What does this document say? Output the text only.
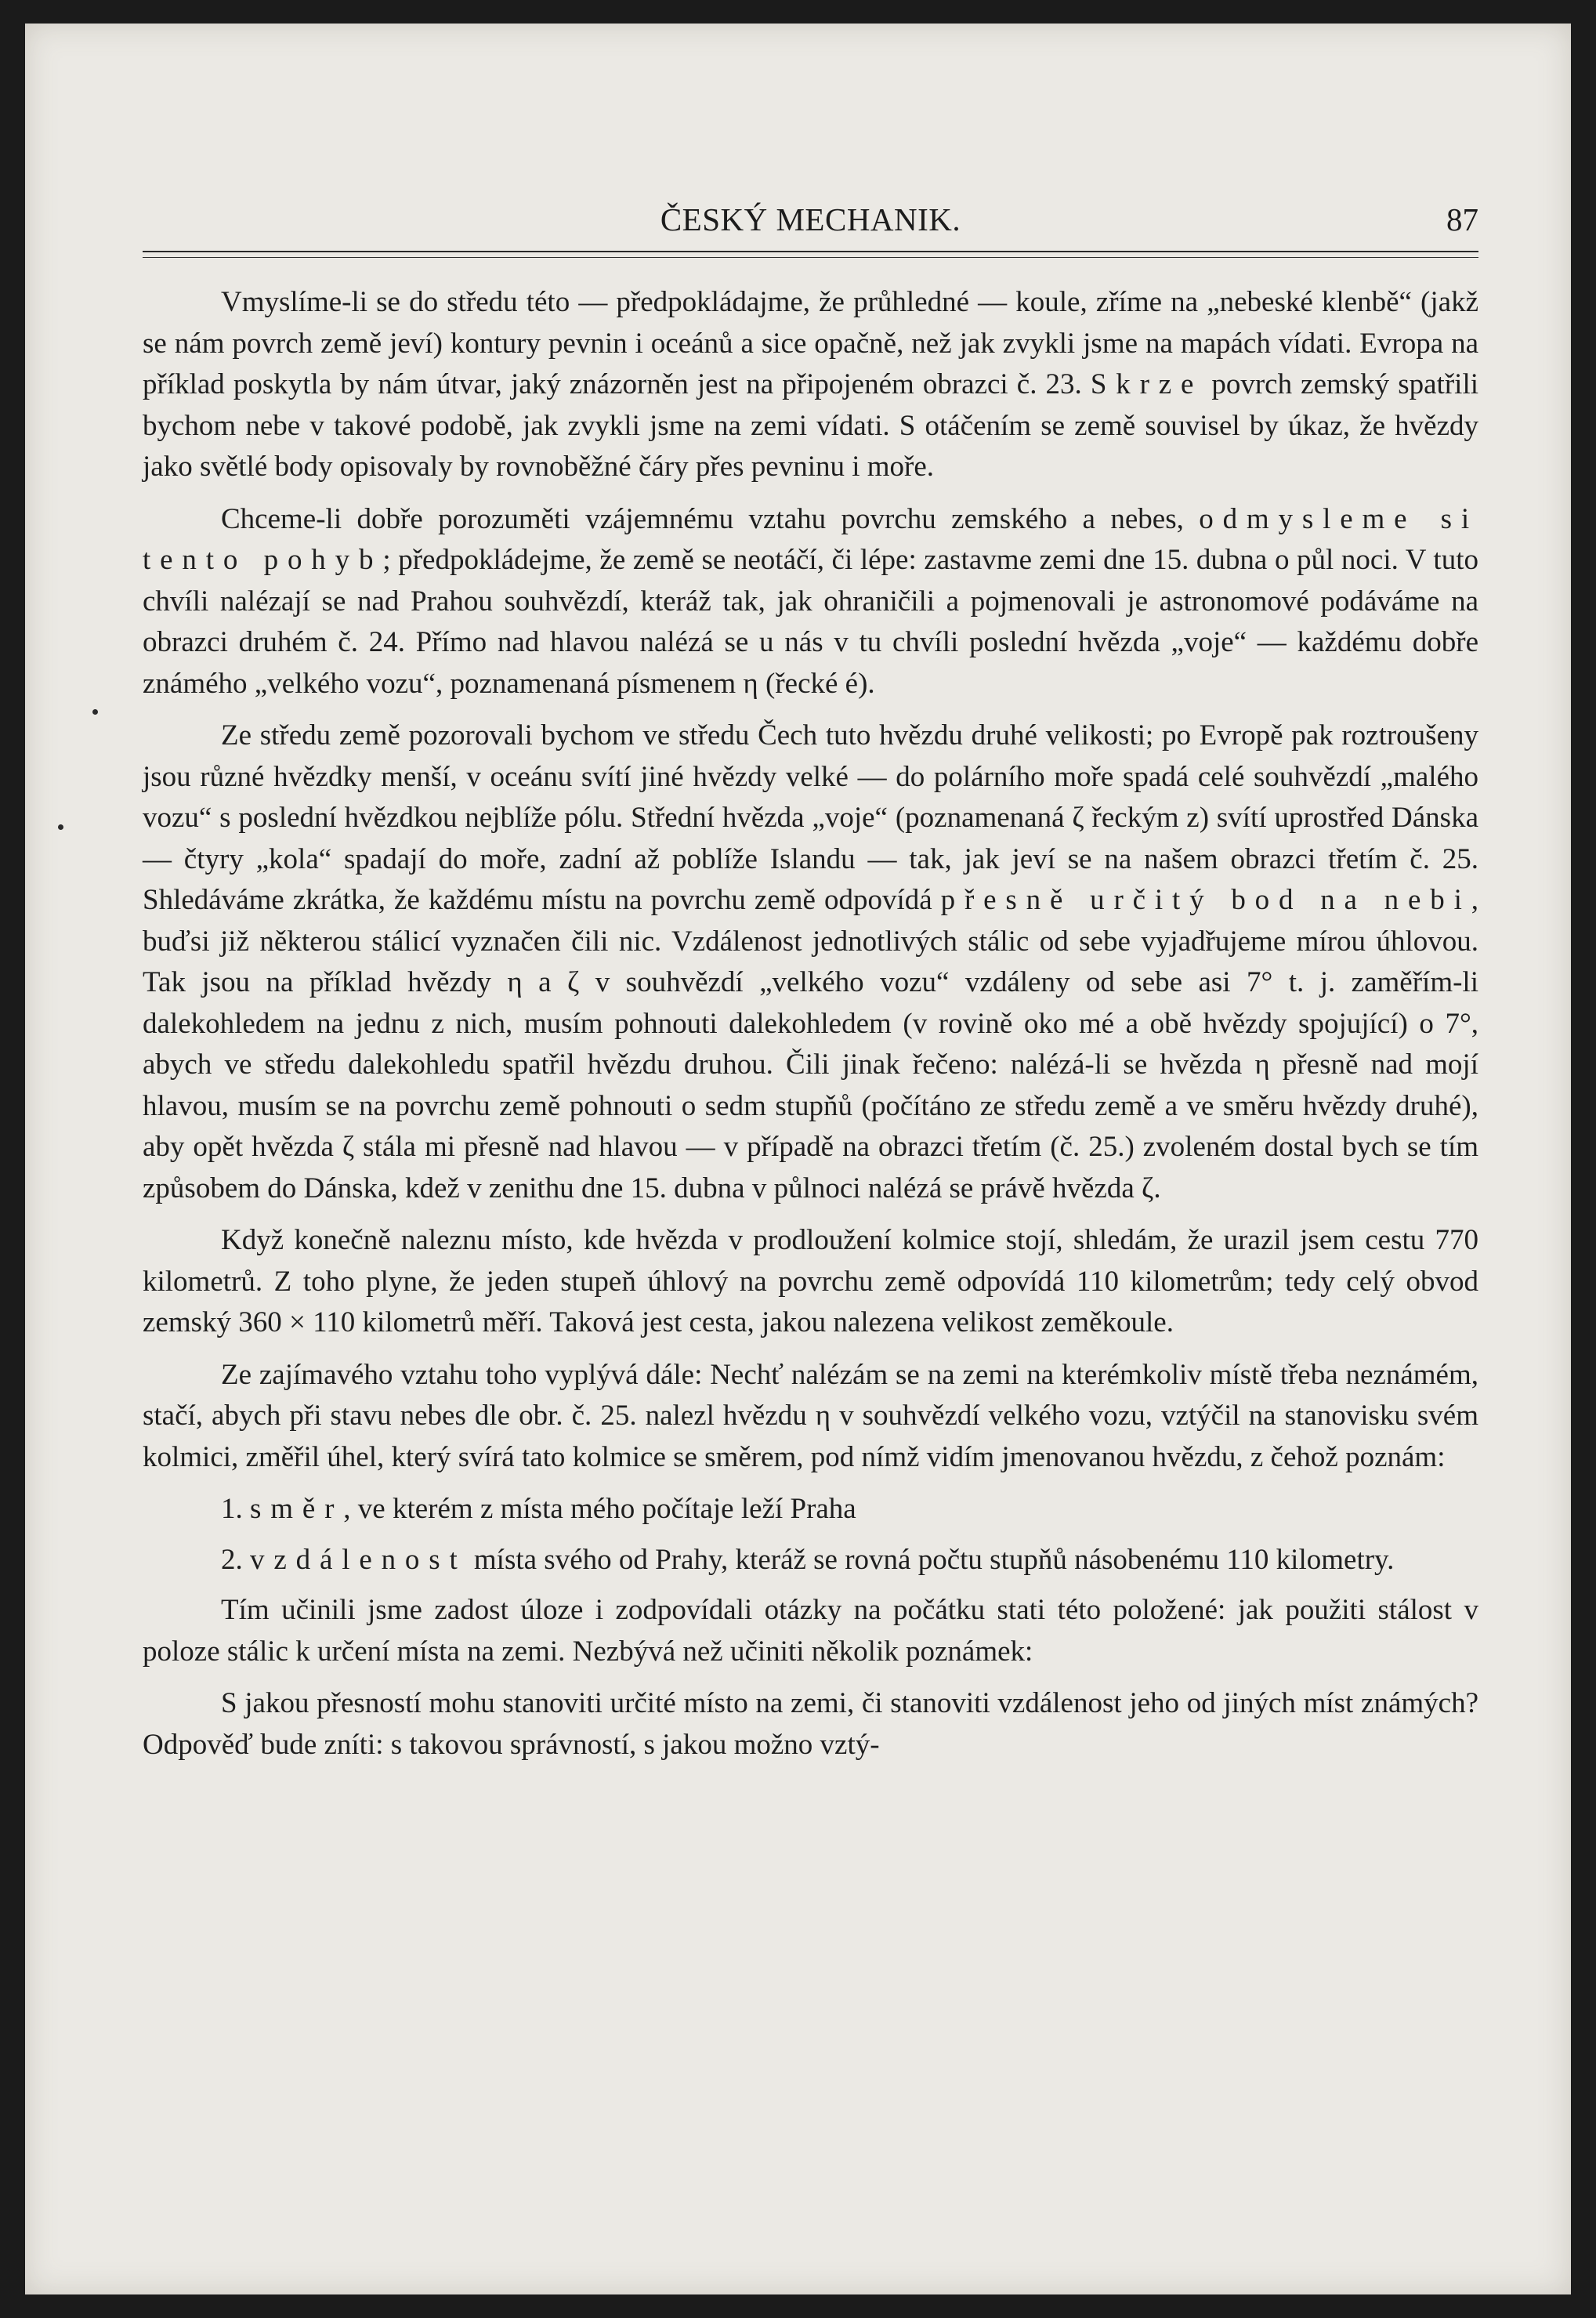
ČESKÝ MECHANIK.	87

Vmyslíme-li se do středu této — předpokládajme, že průhledné — koule, zříme na „nebeské klenbě“ (jakž se nám povrch země jeví) kontury pevnin i oceánů a sice opačně, než jak zvykli jsme na mapách vídati. Evropa na příklad poskytla by nám útvar, jaký znázorněn jest na připojeném obrazci č. 23. Skrze povrch zemský spatřili bychom nebe v takové podobě, jak zvykli jsme na zemi vídati. S otáčením se země souvisel by úkaz, že hvězdy jako světlé body opisovaly by rovnoběžné čáry přes pevninu i moře.

Chceme-li dobře porozuměti vzájemnému vztahu povrchu zemského a nebes, odmysleme si tento pohyb; předpokládejme, že země se neotáčí, či lépe: zastavme zemi dne 15. dubna o půl noci. V tuto chvíli nalézají se nad Prahou souhvězdí, kteráž tak, jak ohraničili a pojmenovali je astronomové podáváme na obrazci druhém č. 24. Přímo nad hlavou nalézá se u nás v tu chvíli poslední hvězda „voje“ — každému dobře známého „velkého vozu“, poznamenaná písmenem η (řecké é).

Ze středu země pozorovali bychom ve středu Čech tuto hvězdu druhé velikosti; po Evropě pak roztroušeny jsou různé hvězdky menší, v oceánu svítí jiné hvězdy velké — do polárního moře spadá celé souhvězdí „malého vozu“ s poslední hvězdkou nejblíže pólu. Střední hvězda „voje“ (poznamenaná ζ řeckým z) svítí uprostřed Dánska — čtyry „kola“ spadají do moře, zadní až poblíže Islandu — tak, jak jeví se na našem obrazci třetím č. 25. Shledáváme zkrátka, že každému místu na povrchu země odpovídá přesně určitý bod na nebi, buďsi již některou stálicí vyznačen čili nic. Vzdálenost jednotlivých stálic od sebe vyjadřujeme mírou úhlovou. Tak jsou na příklad hvězdy η a ζ v souhvězdí „velkého vozu“ vzdáleny od sebe asi 7° t. j. zaměřím-li dalekohledem na jednu z nich, musím pohnouti dalekohledem (v rovině oko mé a obě hvězdy spojující) o 7°, abych ve středu dalekohledu spatřil hvězdu druhou. Čili jinak řečeno: nalézá-li se hvězda η přesně nad mojí hlavou, musím se na povrchu země pohnouti o sedm stupňů (počítáno ze středu země a ve směru hvězdy druhé), aby opět hvězda ζ stála mi přesně nad hlavou — v případě na obrazci třetím (č. 25.) zvoleném dostal bych se tím způsobem do Dánska, kdež v zenithu dne 15. dubna v půlnoci nalézá se právě hvězda ζ.

Když konečně naleznu místo, kde hvězda v prodloužení kolmice stojí, shledám, že urazil jsem cestu 770 kilometrů. Z toho plyne, že jeden stupeň úhlový na povrchu země odpovídá 110 kilometrům; tedy celý obvod zemský 360 × 110 kilometrů měří. Taková jest cesta, jakou nalezena velikost zeměkoule.

Ze zajímavého vztahu toho vyplývá dále: Nechť nalézám se na zemi na kterémkoliv místě třeba neznámém, stačí, abych při stavu nebes dle obr. č. 25. nalezl hvězdu η v souhvězdí velkého vozu, vztýčil na stanovisku svém kolmici, změřil úhel, který svírá tato kolmice se směrem, pod nímž vidím jmenovanou hvězdu, z čehož poznám:

1. směr, ve kterém z místa mého počítaje leží Praha

2. vzdálenost místa svého od Prahy, kteráž se rovná počtu stupňů násobenému 110 kilometry.

Tím učinili jsme zadost úloze i zodpovídali otázky na počátku stati této položené: jak použiti stálost v poloze stálic k určení místa na zemi. Nezbývá než učiniti několik poznámek:

S jakou přesností mohu stanoviti určité místo na zemi, či stanoviti vzdálenost jeho od jiných míst známých? Odpověď bude zníti: s takovou správností, s jakou možno vztý-
